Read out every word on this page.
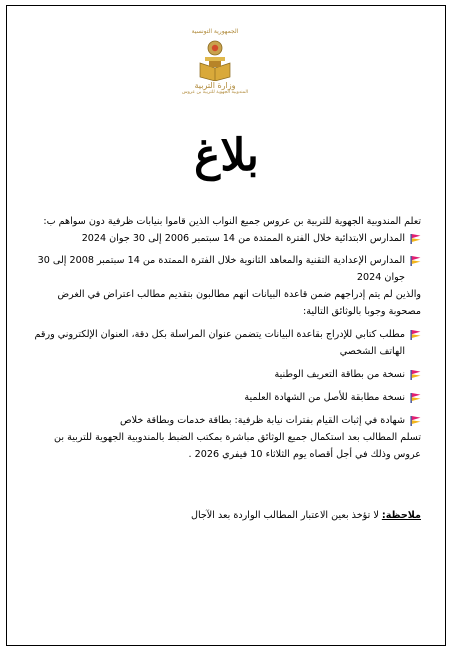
الجمهورية التونسية
وزارة التربية
المندوبية الجهوية للتربية بن عروس
بلاغ

تعلم المندوبية الجهوية للتربية بن عروس جميع النواب الذين قاموا بنيابات ظرفية دون سواهم ب:

المدارس الابتدائية خلال الفترة الممتدة من 14 سبتمبر 2006 إلى 30 جوان 2024
المدارس الإعدادية التقنية والمعاهد الثانوية خلال الفترة الممتدة من 14 سبتمبر 2008 إلى 30 جوان 2024

والذين لم يتم إدراجهم ضمن قاعدة البيانات انهم مطالبون بتقديم مطالب اعتراض في الغرض مصحوبة وجوبا بالوثائق التالية:

مطلب كتابي للإدراج بقاعدة البيانات يتضمن عنوان المراسلة بكل دقة، العنوان الإلكتروني ورقم الهاتف الشخصي
نسخة من بطاقة التعريف الوطنية
نسخة مطابقة للأصل من الشهادة العلمية
شهادة في إثبات القيام بفترات نيابة ظرفية: بطاقة خدمات وبطاقة خلاص

تسلم المطالب بعد استكمال جميع الوثائق مباشرة بمكتب الضبط بالمندوبية الجهوية للتربية بن عروس وذلك في أجل أقصاه يوم الثلاثاء 10 فيفري 2026 .

ملاحظة: لا تؤخذ بعين الاعتبار المطالب الواردة بعد الآجال
